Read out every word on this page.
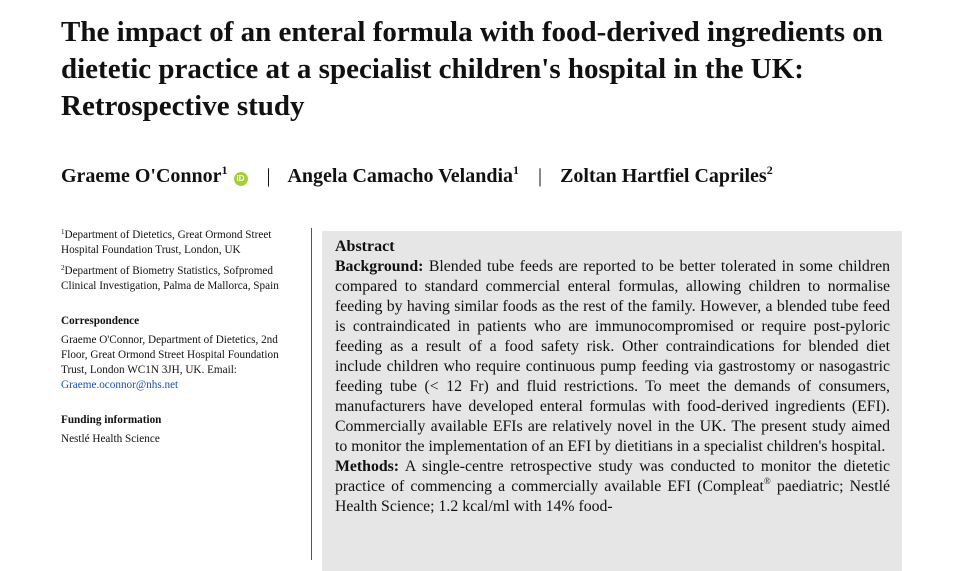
The impact of an enteral formula with food-derived ingredients on dietetic practice at a specialist children's hospital in the UK: Retrospective study
Graeme O'Connor$^1$iD | Angela Camacho Velandia$^1$ | Zoltan Hartfiel Capriles$^2$

$^1$Department of Dietetics, Great Ormond Street Hospital Foundation Trust, London, UK

$^2$Department of Biometry Statistics, Sofpromed Clinical Investigation, Palma de Mallorca, Spain

Correspondence

Graeme O'Connor, Department of Dietetics, 2nd Floor, Great Ormond Street Hospital Foundation Trust, London WC1N 3JH, UK. Email: Graeme.oconnor@nhs.net

Funding information

Nestlé Health Science

Abstract

Background: Blended tube feeds are reported to be better tolerated in some children compared to standard commercial enteral formulas, allowing children to normalise feeding by having similar foods as the rest of the family. However, a blended tube feed is contraindicated in patients who are immunocompromised or require post-pyloric feeding as a result of a food safety risk. Other contraindications for blended diet include children who require continuous pump feeding via gastrostomy or nasogastric feeding tube (< 12 Fr) and fluid restrictions. To meet the demands of consumers, manufacturers have developed enteral formulas with food-derived ingredients (EFI). Commercially available EFIs are relatively novel in the UK. The present study aimed to monitor the implementation of an EFI by dietitians in a specialist children's hospital.

Methods: A single-centre retrospective study was conducted to monitor the dietetic practice of commencing a commercially available EFI (Compleat® paediatric; Nestlé Health Science; 1.2 kcal/ml with 14% food-
